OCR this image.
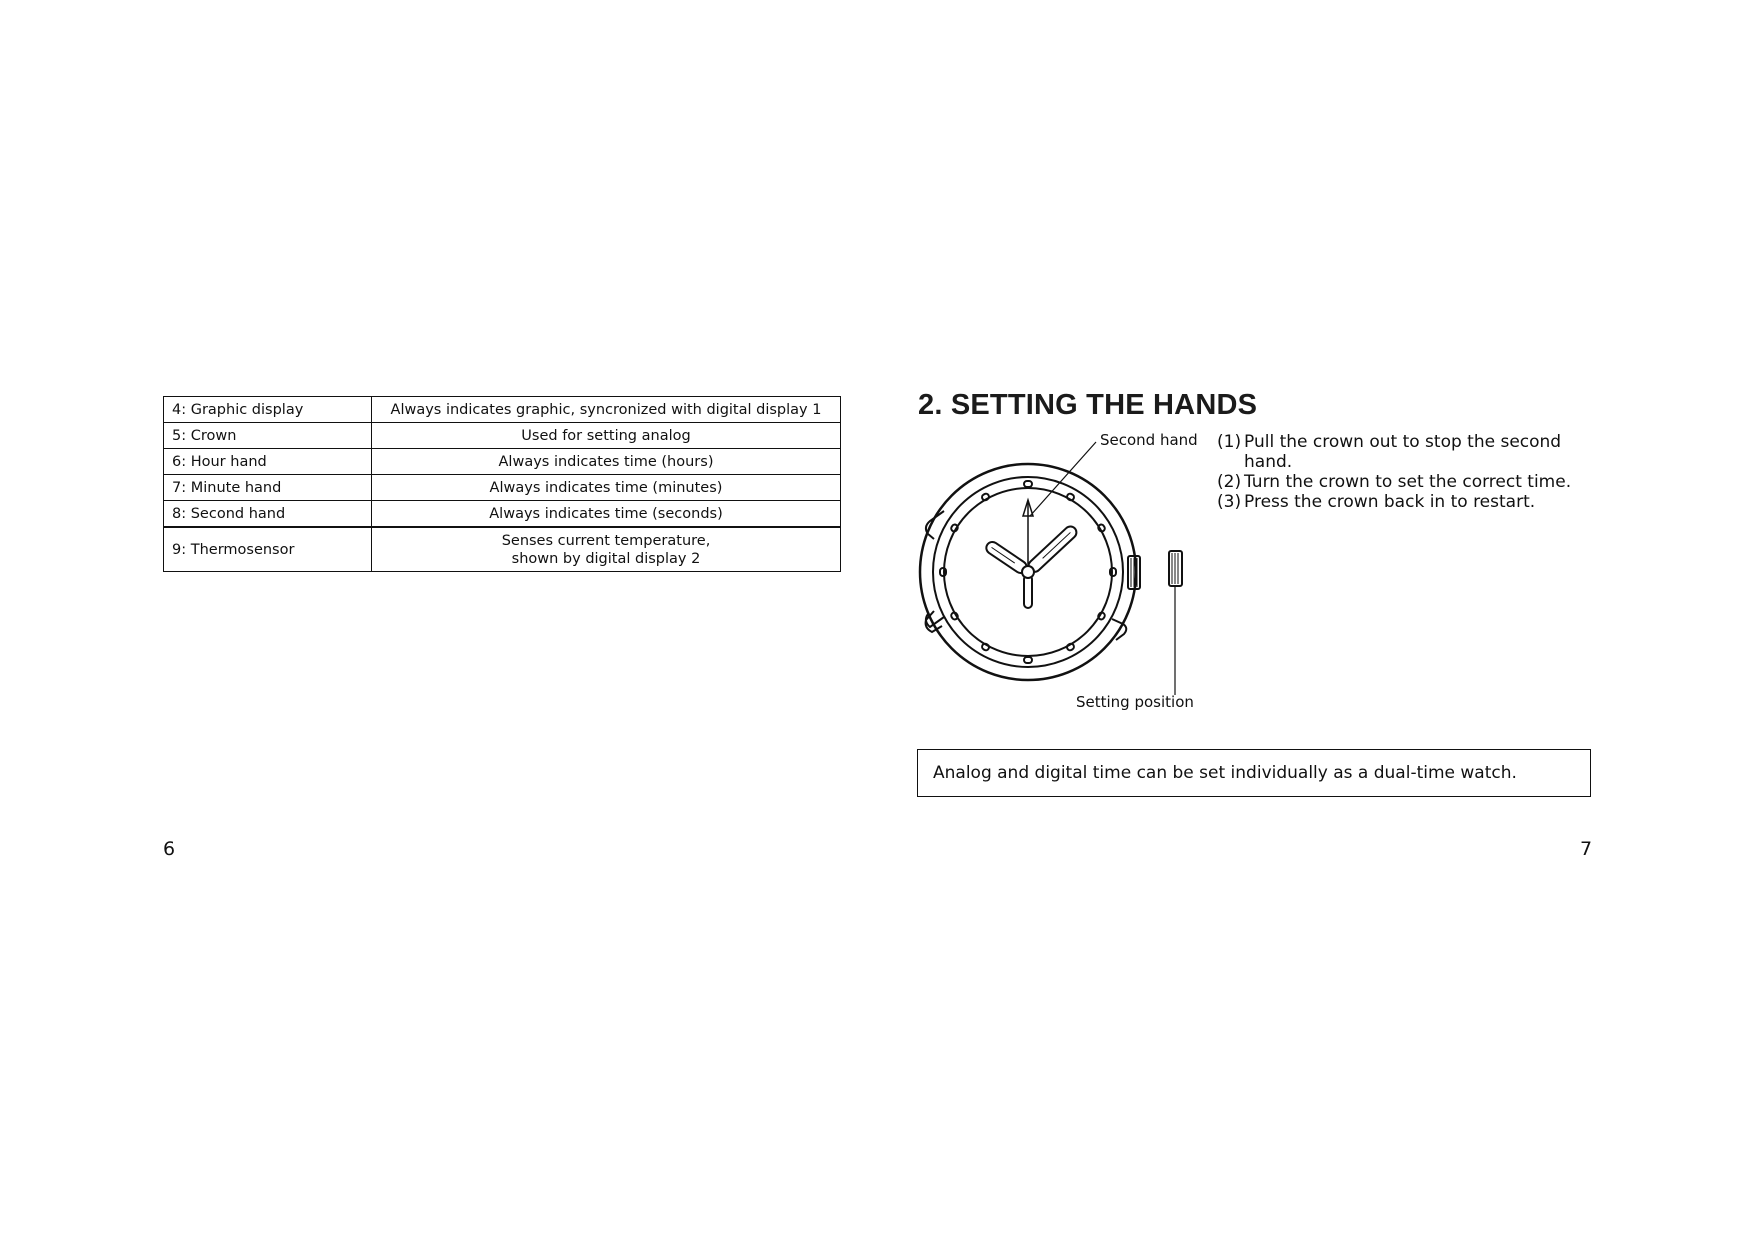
4: Graphic display	Always indicates graphic, syncronized with digital display 1
5: Crown	Used for setting analog
6: Hour hand	Always indicates time (hours)
7: Minute hand	Always indicates time (minutes)
8: Second hand	Always indicates time (seconds)
9: Thermosensor	Senses current temperature,
shown by digital display 2
2. SETTING THE HANDS
Second hand
Setting position
(1) Pull the crown out to stop the second hand.
(2) Turn the crown to set the correct time.
(3) Press the crown back in to restart.
Analog and digital time can be set individually as a dual-time watch.
6	7
